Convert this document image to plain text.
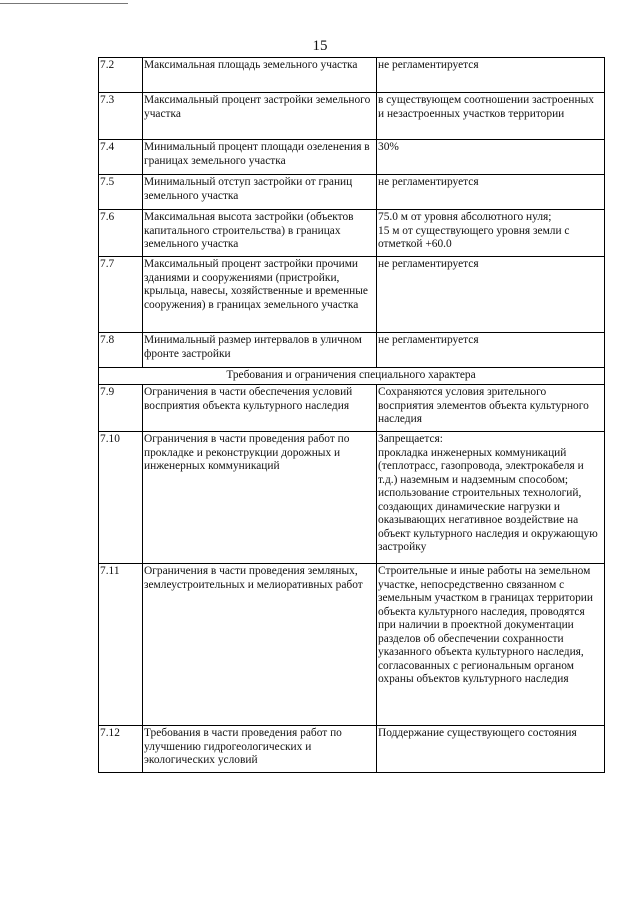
15
7.2	Максимальная площадь земельного участка	не регламентируется
7.3	Максимальный процент застройки земельного участка	в существующем соотношении застроенных и незастроенных участков территории
7.4	Минимальный процент площади озеленения в границах земельного участка	30%
7.5	Минимальный отступ застройки от границ земельного участка	не регламентируется
7.6	Максимальная высота застройки (объектов капитального строительства) в границах земельного участка	75.0 м от уровня абсолютного нуля;
15 м от существующего уровня земли с отметкой +60.0
7.7	Максимальный процент застройки прочими зданиями и сооружениями (пристройки, крыльца, навесы, хозяйственные и временные сооружения) в границах земельного участка	не регламентируется
7.8	Минимальный размер интервалов в уличном фронте застройки	не регламентируется
Требования и ограничения специального характера		
7.9	Ограничения в части обеспечения условий восприятия объекта культурного наследия	Сохраняются условия зрительного восприятия элементов объекта культурного наследия
7.10	Ограничения в части проведения работ по прокладке и реконструкции дорожных и инженерных коммуникаций	Запрещается:
прокладка инженерных коммуникаций (теплотрасс, газопровода, электрокабеля и т.д.) наземным и надземным способом;
использование строительных технологий, создающих динамические нагрузки и оказывающих негативное воздействие на объект культурного наследия и окружающую застройку
7.11	Ограничения в части проведения земляных, землеустроительных и мелиоративных работ	Строительные и иные работы на земельном участке, непосредственно связанном с земельным участком в границах территории объекта культурного наследия, проводятся при наличии в проектной документации разделов об обеспечении сохранности указанного объекта культурного наследия, согласованных с региональным органом охраны объектов культурного наследия
7.12	Требования в части проведения работ по улучшению гидрогеологических и экологических условий	Поддержание существующего состояния
